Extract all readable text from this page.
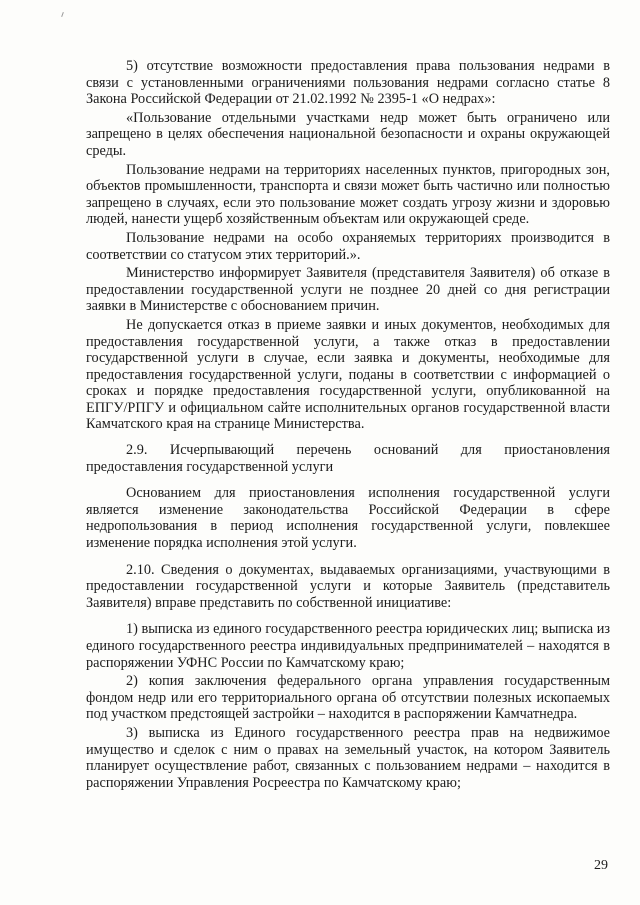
5) отсутствие возможности предоставления права пользования недрами в связи с установленными ограничениями пользования недрами согласно статье 8 Закона Российской Федерации от 21.02.1992 № 2395-1 «О недрах»:

«Пользование отдельными участками недр может быть ограничено или запрещено в целях обеспечения национальной безопасности и охраны окружающей среды.

Пользование недрами на территориях населенных пунктов, пригородных зон, объектов промышленности, транспорта и связи может быть частично или полностью запрещено в случаях, если это пользование может создать угрозу жизни и здоровью людей, нанести ущерб хозяйственным объектам или окружающей среде.

Пользование недрами на особо охраняемых территориях производится в соответствии со статусом этих территорий.».

Министерство информирует Заявителя (представителя Заявителя) об отказе в предоставлении государственной услуги не позднее 20 дней со дня регистрации заявки в Министерстве с обоснованием причин.

Не допускается отказ в приеме заявки и иных документов, необходимых для предоставления государственной услуги, а также отказ в предоставлении государственной услуги в случае, если заявка и документы, необходимые для предоставления государственной услуги, поданы в соответствии с информацией о сроках и порядке предоставления государственной услуги, опубликованной на ЕПГУ/РПГУ и официальном сайте исполнительных органов государственной власти Камчатского края на странице Министерства.

2.9. Исчерпывающий перечень оснований для приостановления предоставления государственной услуги

Основанием для приостановления исполнения государственной услуги является изменение законодательства Российской Федерации в сфере недропользования в период исполнения государственной услуги, повлекшее изменение порядка исполнения этой услуги.

2.10. Сведения о документах, выдаваемых организациями, участвующими в предоставлении государственной услуги и которые Заявитель (представитель Заявителя) вправе представить по собственной инициативе:

1) выписка из единого государственного реестра юридических лиц; выписка из единого государственного реестра индивидуальных предпринимателей – находятся в распоряжении УФНС России по Камчатскому краю;

2) копия заключения федерального органа управления государственным фондом недр или его территориального органа об отсутствии полезных ископаемых под участком предстоящей застройки – находится в распоряжении Камчатнедра.

3) выписка из Единого государственного реестра прав на недвижимое имущество и сделок с ним о правах на земельный участок, на котором Заявитель планирует осуществление работ, связанных с пользованием недрами – находится в распоряжении Управления Росреестра по Камчатскому краю;

29
